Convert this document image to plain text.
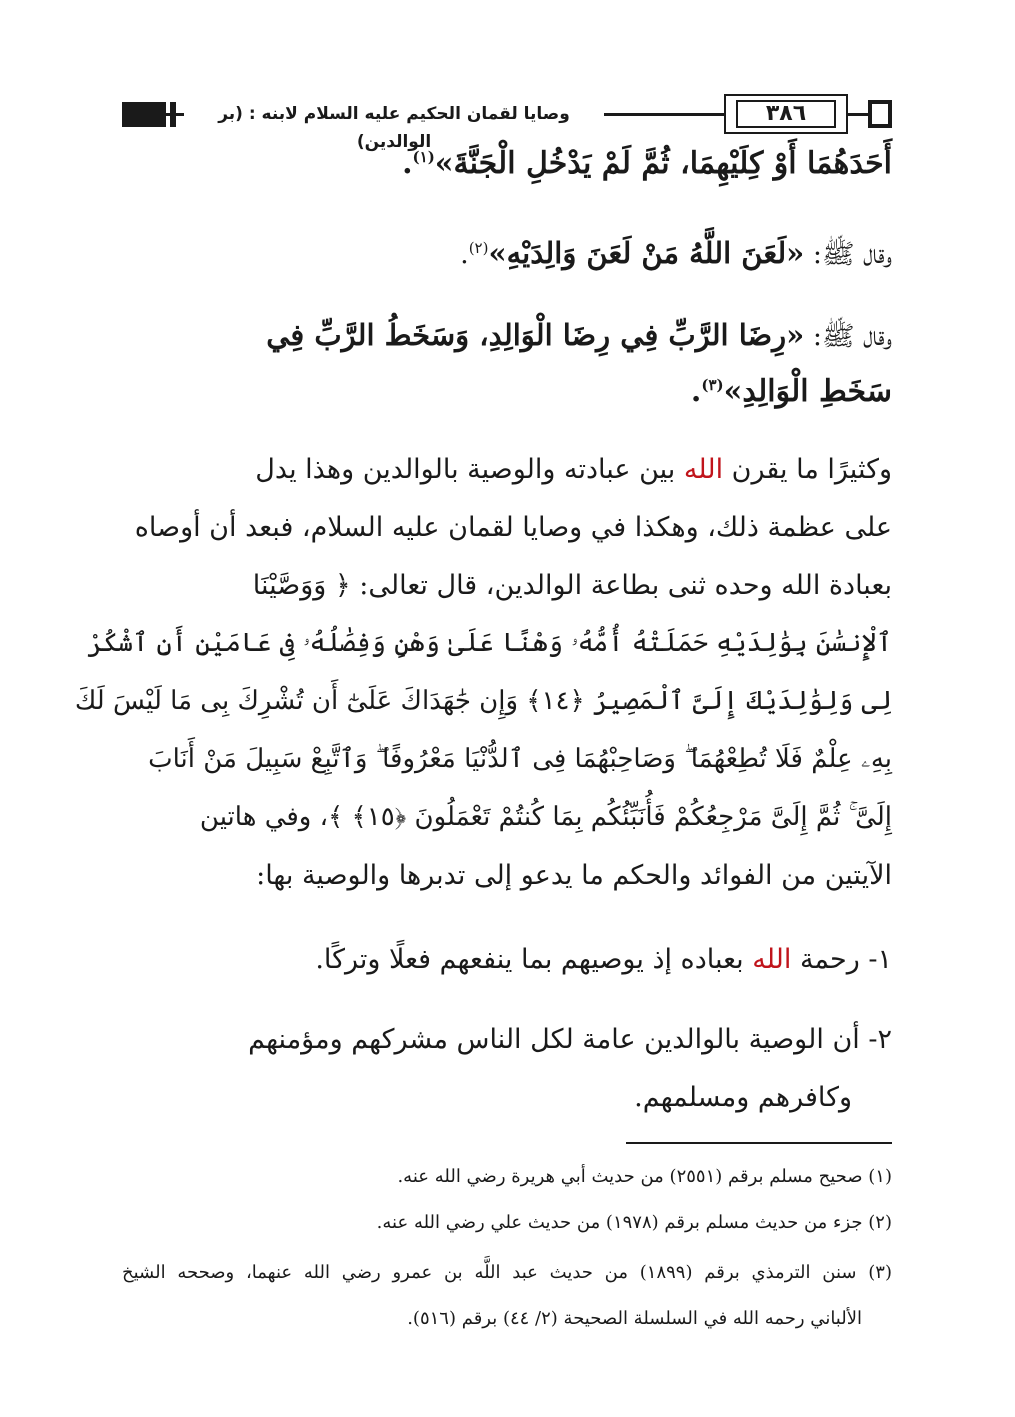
وصايا لقمان الحكيم عليه السلام لابنه : (بر الوالدين)
٣٨٦
أَحَدَهُمَا أَوْ كِلَيْهِمَا، ثُمَّ لَمْ يَدْخُلِ الْجَنَّةَ»$^{(١)}$.
وقال ﷺ: «لَعَنَ اللَّهُ مَنْ لَعَنَ وَالِدَيْهِ»$^{(٢)}$.
وقال ﷺ: «رِضَا الرَّبِّ فِي رِضَا الْوَالِدِ، وَسَخَطُ الرَّبِّ فِي
سَخَطِ الْوَالِدِ»$^{(٣)}$.
وكثيرًا ما يقرن الله بين عبادته والوصية بالوالدين وهذا يدل
على عظمة ذلك، وهكذا في وصايا لقمان عليه السلام، فبعد أن أوصاه
بعبادة الله وحده ثنى بطاعة الوالدين، قال تعالى: ﴿ وَوَصَّيْنَا
ٱلْإِنسَٰنَ بِوَٰلِدَيْهِ حَمَلَتْهُ أُمُّهُۥ وَهْنًا عَلَىٰ وَهْنٍ وَفِصَٰلُهُۥ فِى عَامَيْنِ أَنِ ٱشْكُرْ
لِى وَلِوَٰلِدَيْكَ إِلَىَّ ٱلْمَصِيرُ ﴿١٤﴾ وَإِن جَٰهَدَاكَ عَلَىٰٓ أَن تُشْرِكَ بِى مَا لَيْسَ لَكَ
بِهِۦ عِلْمٌ فَلَا تُطِعْهُمَا ۖ وَصَاحِبْهُمَا فِى ٱلدُّنْيَا مَعْرُوفًا ۖ وَٱتَّبِعْ سَبِيلَ مَنْ أَنَابَ
إِلَىَّ ۚ ثُمَّ إِلَىَّ مَرْجِعُكُمْ فَأُنَبِّئُكُم بِمَا كُنتُمْ تَعْمَلُونَ ﴿١٥﴾ ﴾، وفي هاتين
الآيتين من الفوائد والحكم ما يدعو إلى تدبرها والوصية بها:
١- رحمة الله بعباده إذ يوصيهم بما ينفعهم فعلًا وتركًا.
٢- أن الوصية بالوالدين عامة لكل الناس مشركهم ومؤمنهم
وكافرهم ومسلمهم.
(١) صحيح مسلم برقم (٢٥٥١) من حديث أبي هريرة رضي الله عنه.
(٢) جزء من حديث مسلم برقم (١٩٧٨) من حديث علي رضي الله عنه.
(٣) سنن الترمذي برقم (١٨٩٩) من حديث عبد اللَّه بن عمرو رضي الله عنهما، وصححه الشيخ
الألباني رحمه الله في السلسلة الصحيحة (٢/ ٤٤) برقم (٥١٦).
